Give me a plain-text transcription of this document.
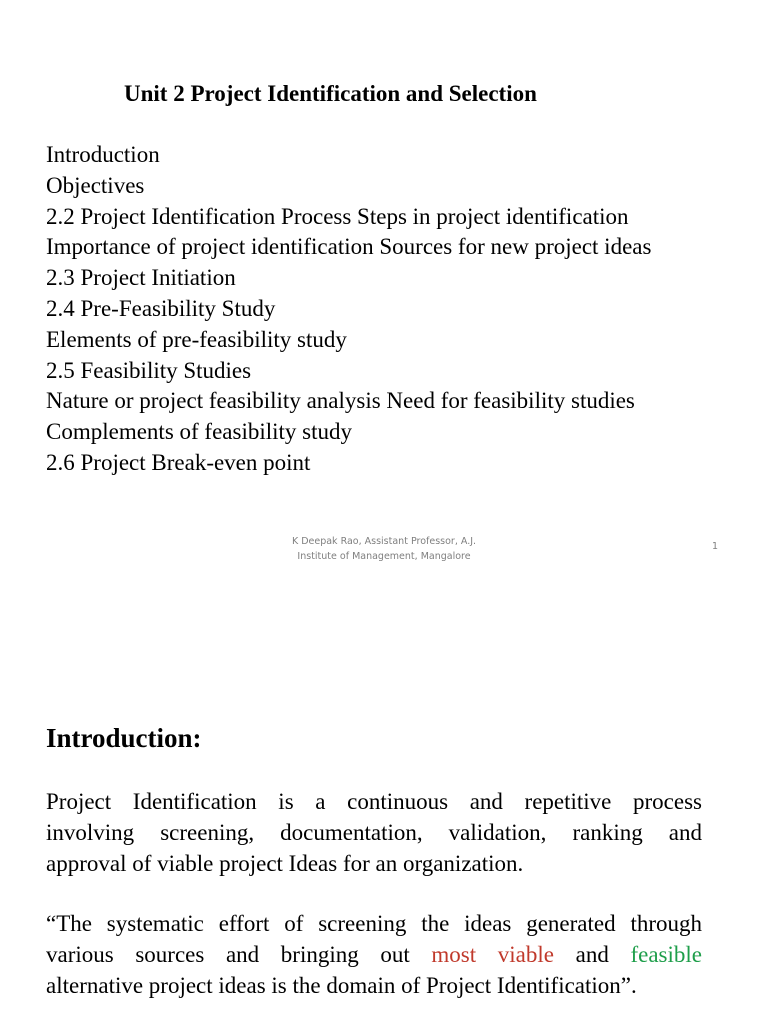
Unit 2 Project Identification and Selection
Introduction
Objectives
2.2 Project Identification Process Steps in project identification
Importance of project identification Sources for new project ideas
2.3 Project Initiation
2.4 Pre-Feasibility Study
Elements of pre-feasibility study
2.5 Feasibility Studies
Nature or project feasibility analysis Need for feasibility studies
Complements of feasibility study
2.6 Project Break-even point
K Deepak Rao, Assistant Professor, A.J.
Institute of Management, Mangalore
1
Introduction:
Project Identification is a continuous and repetitive process
involving screening, documentation, validation, ranking and
approval of viable project Ideas for an organization.
“The systematic effort of screening the ideas generated through
various sources and bringing out most viable and feasible
alternative project ideas is the domain of Project Identification”.
